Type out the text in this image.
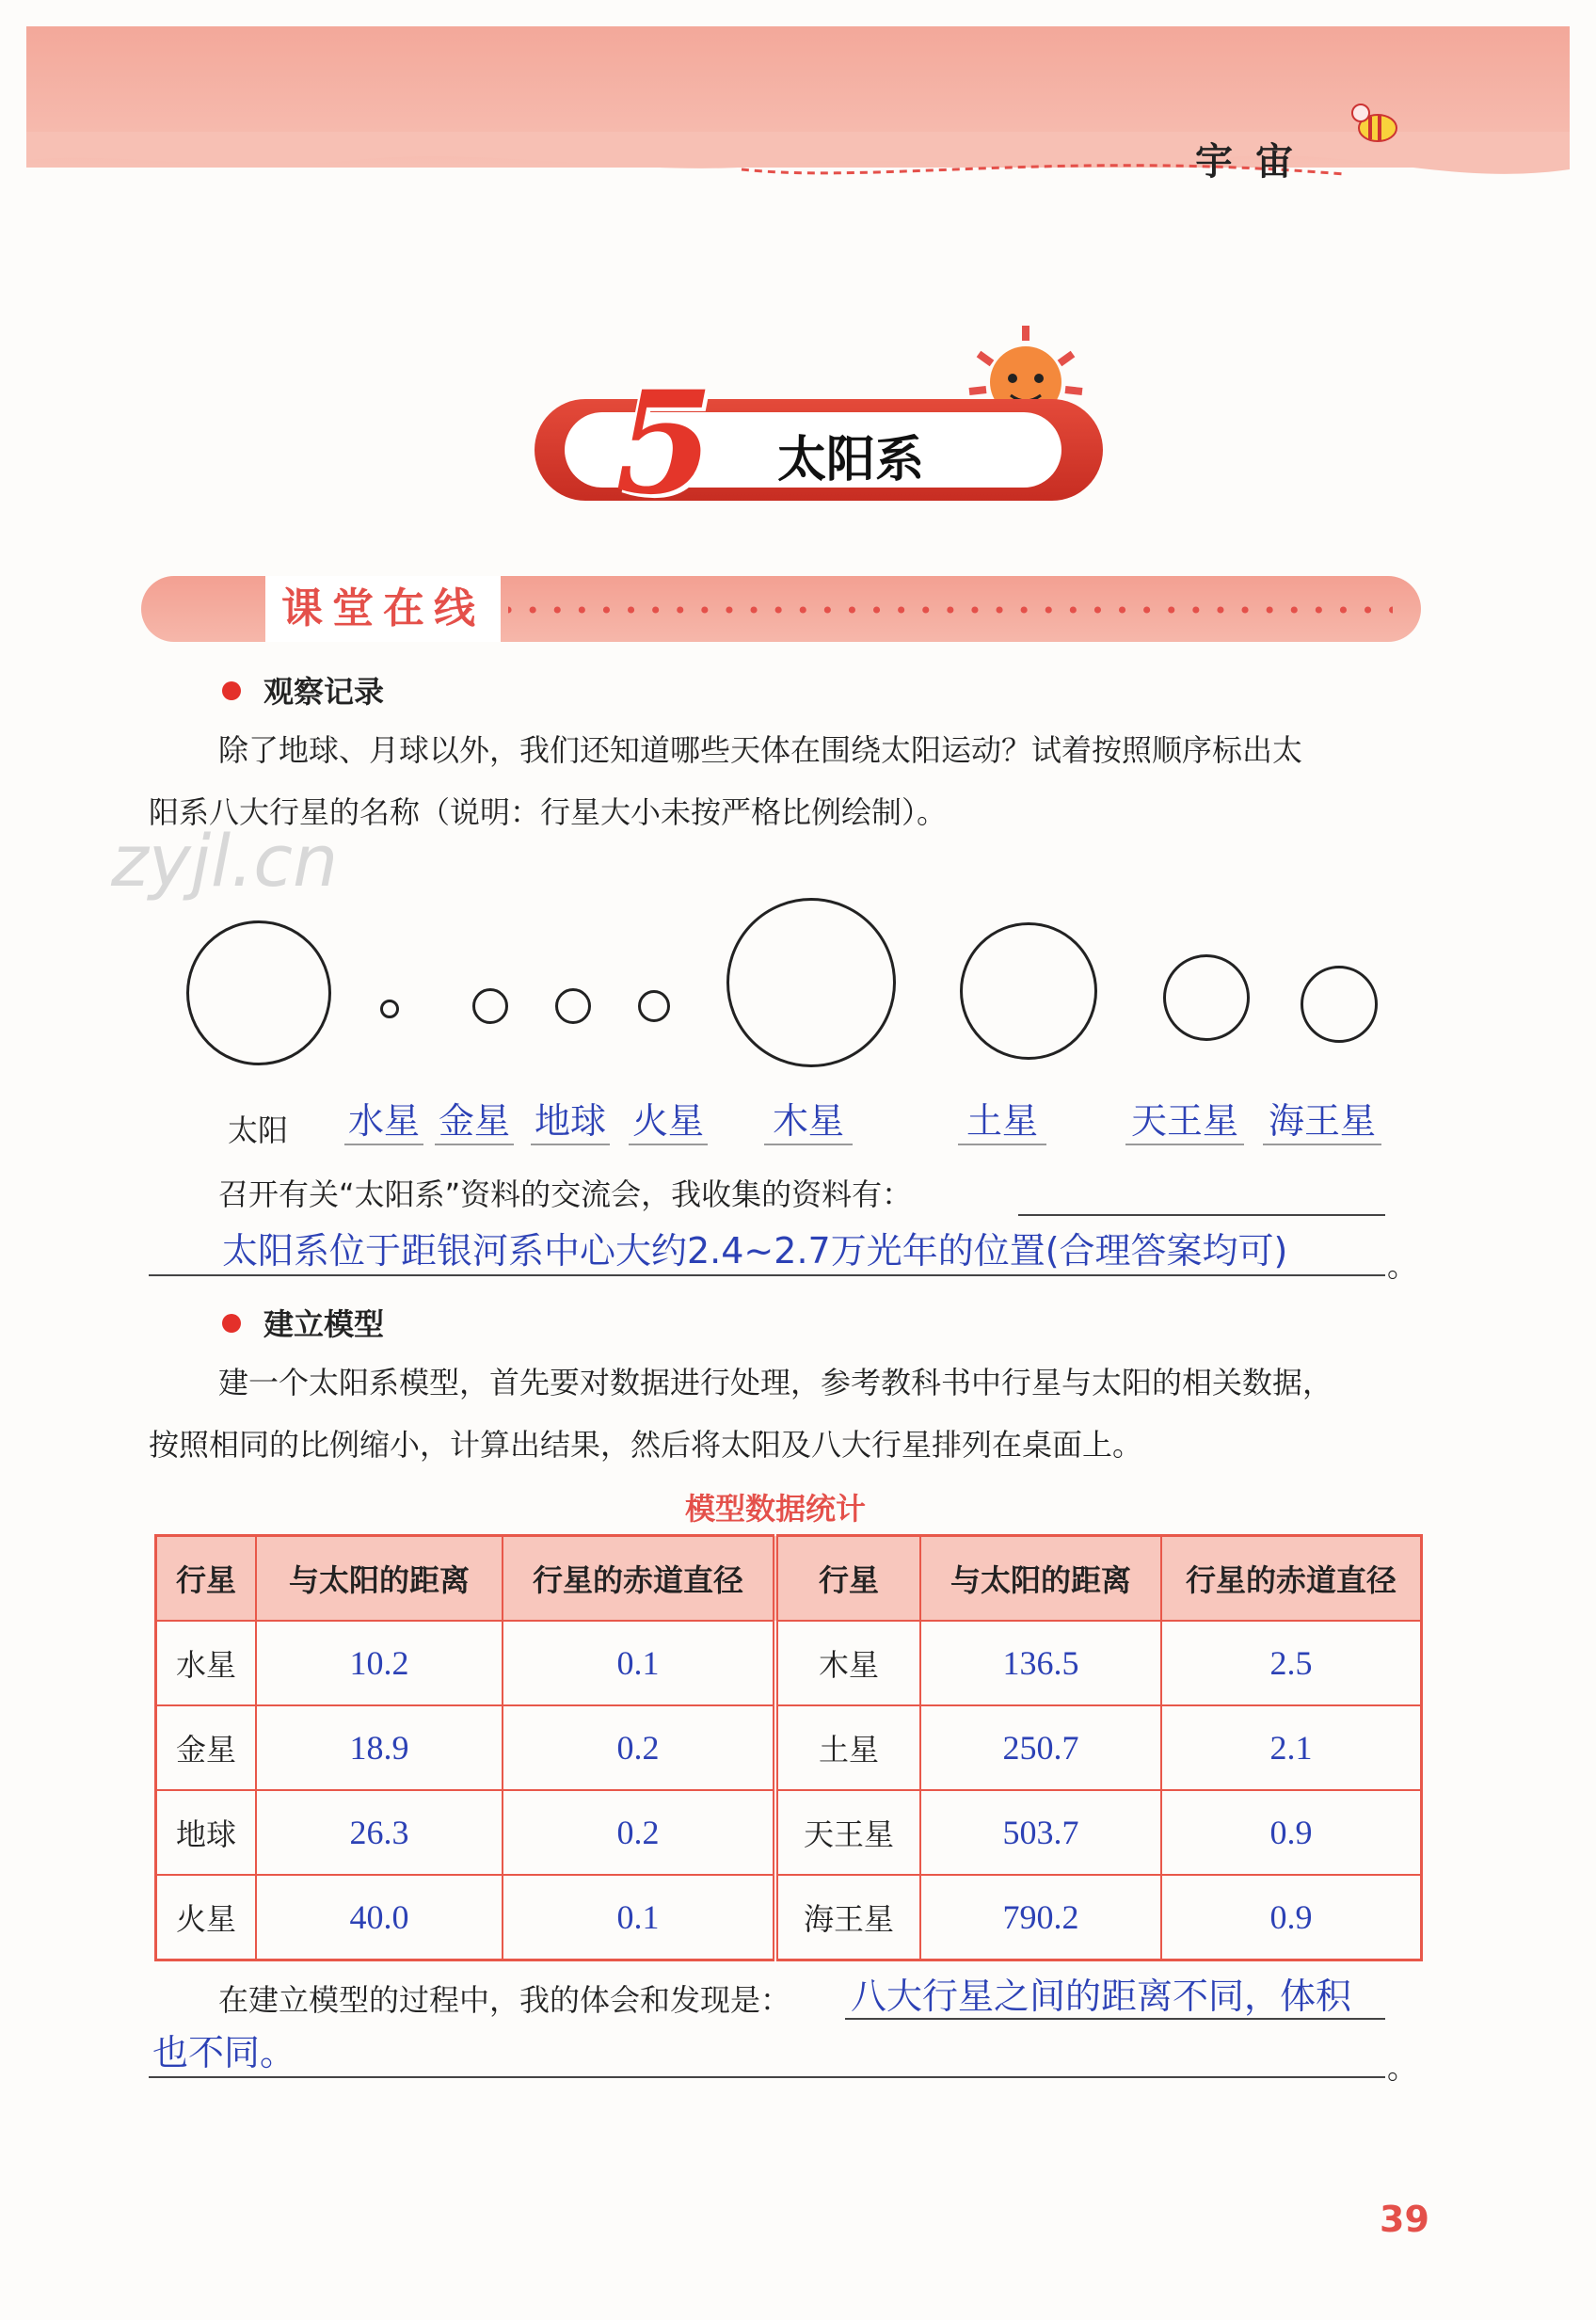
宇宙
5 太阳系
课堂在线
观察记录
除了地球、月球以外，我们还知道哪些天体在围绕太阳运动？试着按照顺序标出太
阳系八大行星的名称（说明：行星大小未按严格比例绘制）。
zyjl.cn
太阳 水星 金星 地球 火星 木星	土星	天王星 海王星
召开有关“太阳系”资料的交流会，我收集的资料有：
太阳系位于距银河系中心大约2.4~2.7万光年的位置(合理答案均可)	。
建立模型
建一个太阳系模型，首先要对数据进行处理，参考教科书中行星与太阳的相关数据，
按照相同的比例缩小，计算出结果，然后将太阳及八大行星排列在桌面上。
模型数据统计
行星	与太阳的距离	行星的赤道直径	行星	与太阳的距离	行星的赤道直径
水星	10.2	0.1	木星	136.5	2.5
金星	18.9	0.2	土星	250.7	2.1
地球	26.3	0.2	天王星	503.7	0.9
火星	40.0	0.1	海王星	790.2	0.9
在建立模型的过程中，我的体会和发现是： 八大行星之间的距离不同，体积
也不同。	。
39
